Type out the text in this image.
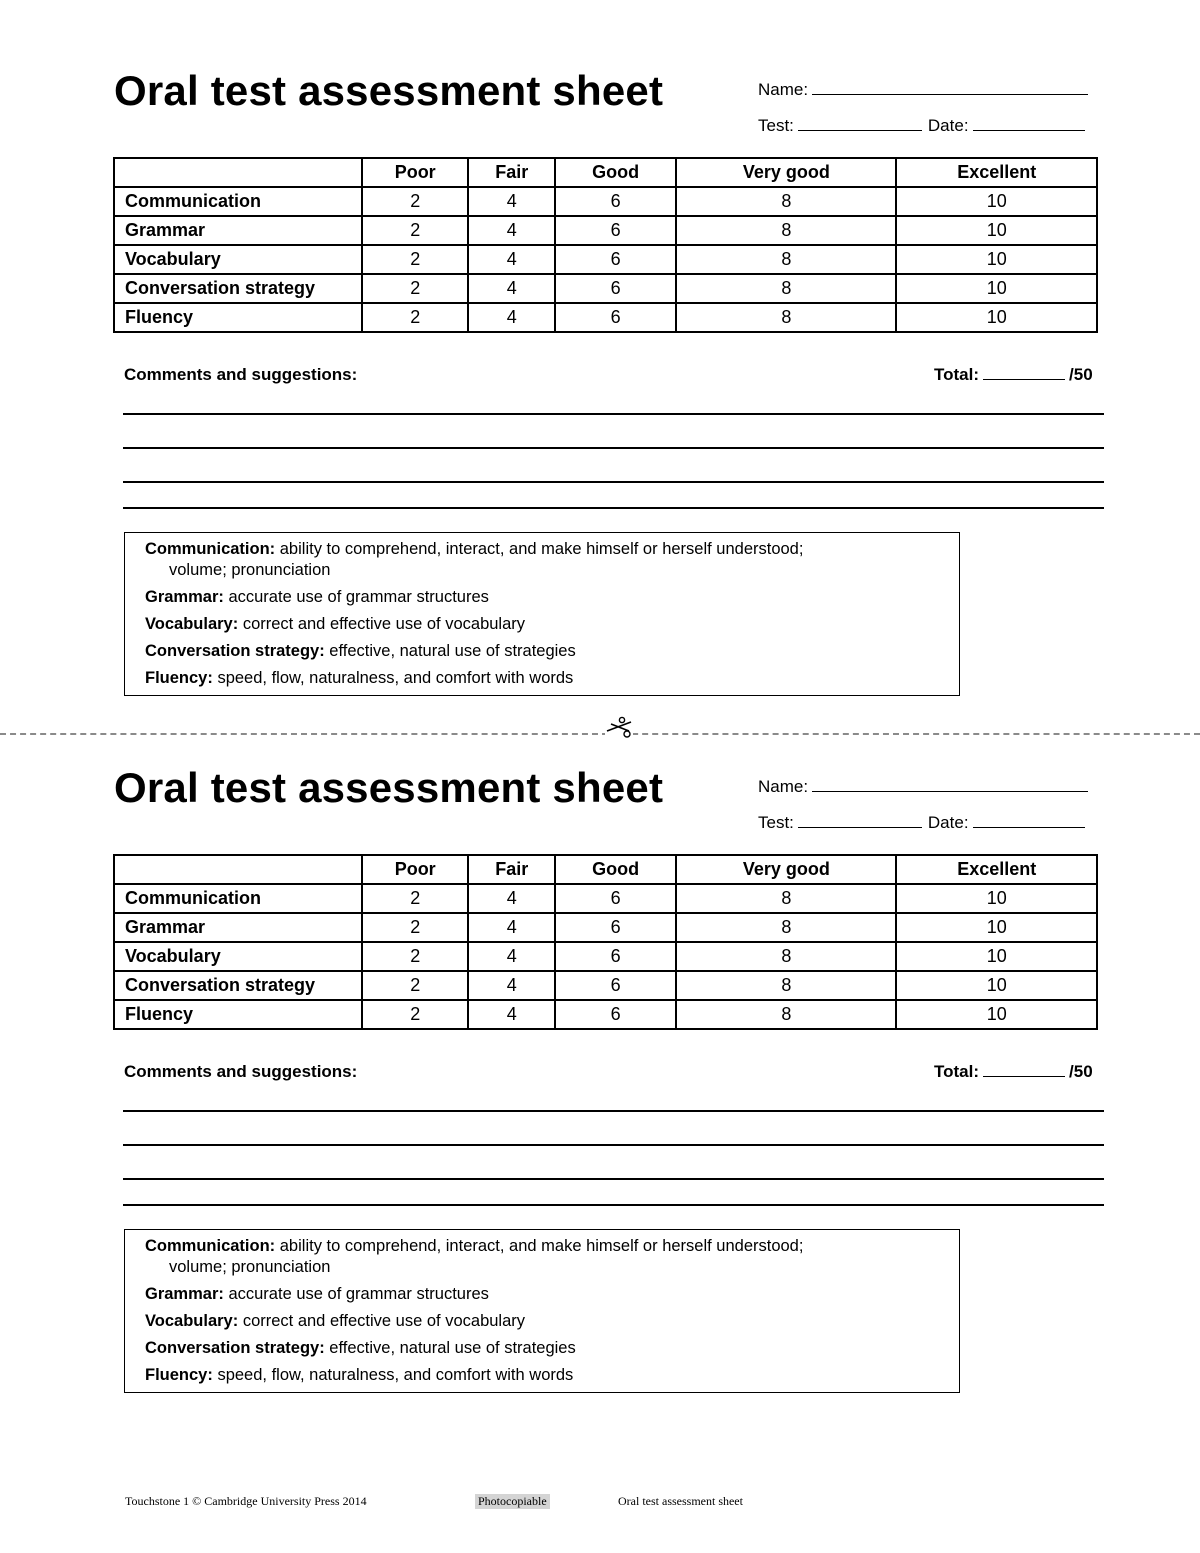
Oral test assessment sheet	Name:
Test:	Date:
	Poor	Fair	Good	Very good	Excellent
Communication	2	4	6	8	10
Grammar	2	4	6	8	10
Vocabulary	2	4	6	8	10
Conversation strategy	2	4	6	8	10
Fluency	2	4	6	8	10
Comments and suggestions:	Total:	/50
Communication: ability to comprehend, interact, and make himself or herself understood;
volume; pronunciation
Grammar: accurate use of grammar structures
Vocabulary: correct and effective use of vocabulary
Conversation strategy: effective, natural use of strategies
Fluency: speed, flow, naturalness, and comfort with words
Oral test assessment sheet	Name:
Test:	Date:
	Poor	Fair	Good	Very good	Excellent
Communication	2	4	6	8	10
Grammar	2	4	6	8	10
Vocabulary	2	4	6	8	10
Conversation strategy	2	4	6	8	10
Fluency	2	4	6	8	10
Comments and suggestions:	Total:	/50
Communication: ability to comprehend, interact, and make himself or herself understood;
volume; pronunciation
Grammar: accurate use of grammar structures
Vocabulary: correct and effective use of vocabulary
Conversation strategy: effective, natural use of strategies
Fluency: speed, flow, naturalness, and comfort with words
Touchstone 1 © Cambridge University Press 2014	Photocopiable	Oral test assessment sheet
